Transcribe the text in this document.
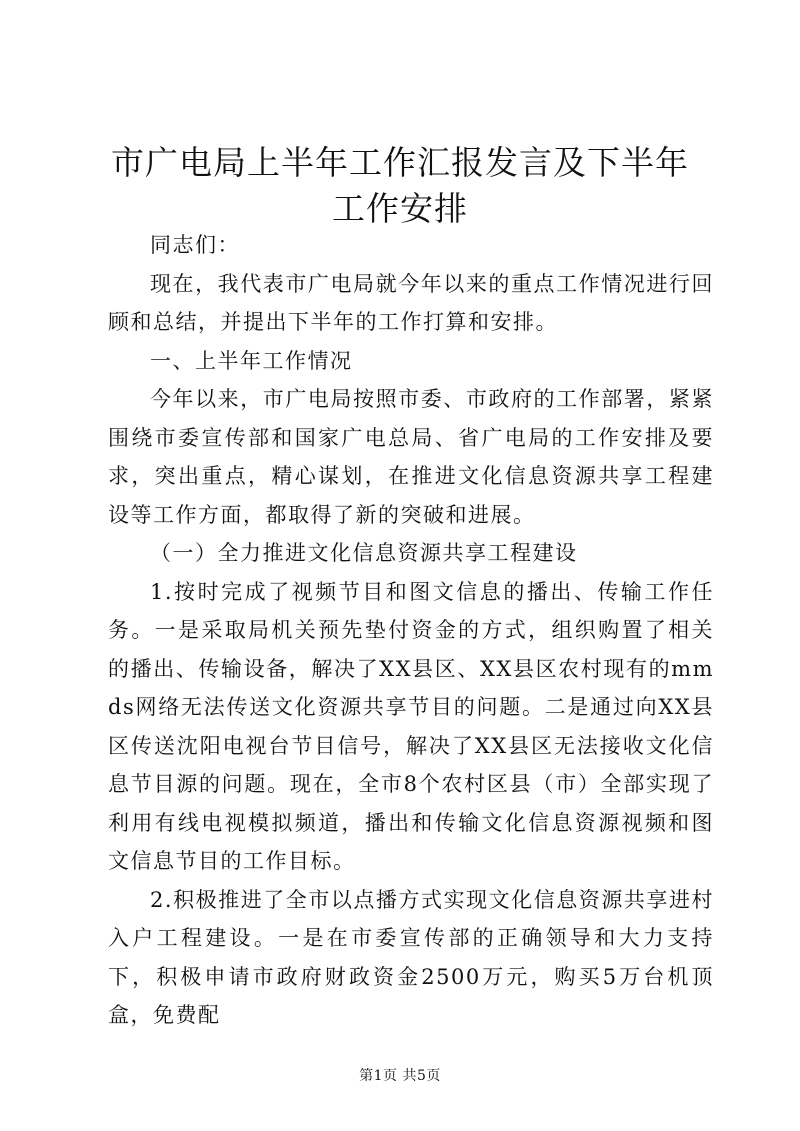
市广电局上半年工作汇报发言及下半年工作安排

同志们：

现在，我代表市广电局就今年以来的重点工作情况进行回顾和总结，并提出下半年的工作打算和安排。

一、上半年工作情况

今年以来，市广电局按照市委、市政府的工作部署，紧紧围绕市委宣传部和国家广电总局、省广电局的工作安排及要求，突出重点，精心谋划，在推进文化信息资源共享工程建设等工作方面，都取得了新的突破和进展。

（一）全力推进文化信息资源共享工程建设

1.按时完成了视频节目和图文信息的播出、传输工作任务。一是采取局机关预先垫付资金的方式，组织购置了相关的播出、传输设备，解决了XX县区、XX县区农村现有的mmds网络无法传送文化资源共享节目的问题。二是通过向XX县区传送沈阳电视台节目信号，解决了XX县区无法接收文化信息节目源的问题。现在，全市8个农村区县（市）全部实现了利用有线电视模拟频道，播出和传输文化信息资源视频和图文信息节目的工作目标。

2.积极推进了全市以点播方式实现文化信息资源共享进村入户工程建设。一是在市委宣传部的正确领导和大力支持下，积极申请市政府财政资金2500万元，购买5万台机顶盒，免费配

第1页 共5页
